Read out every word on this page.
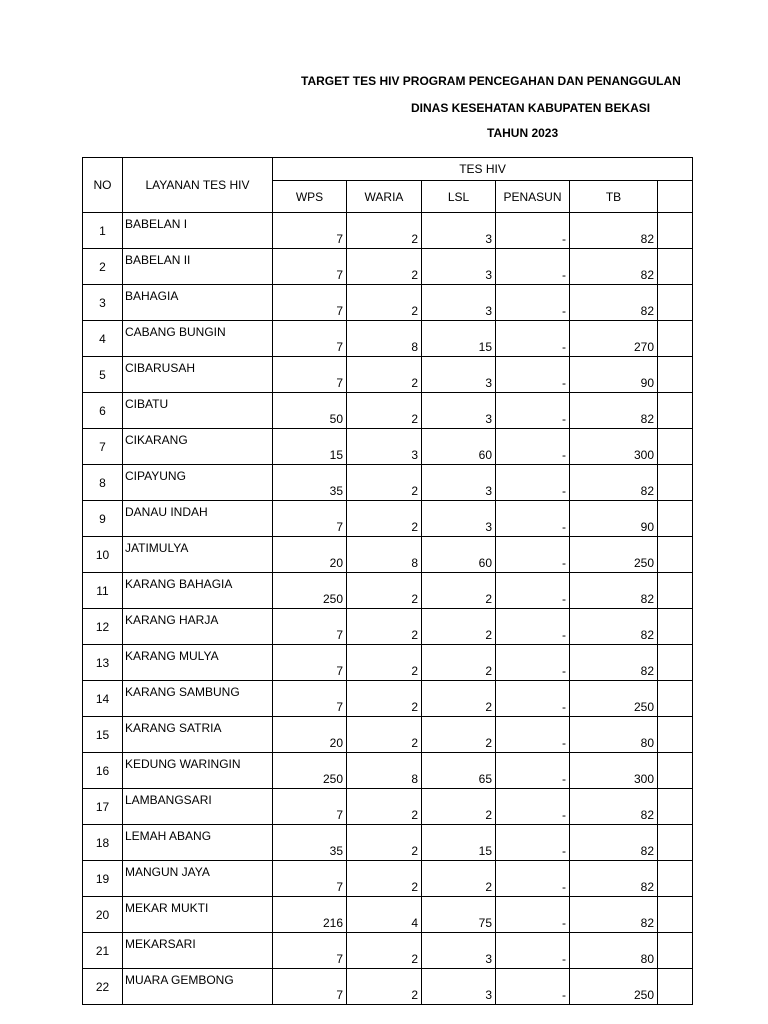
TARGET TES HIV PROGRAM PENCEGAHAN DAN PENANGGULAN
DINAS KESEHATAN KABUPATEN BEKASI
TAHUN 2023
NO	LAYANAN TES HIV	TES HIV					
		WPS	WARIA	LSL	PENASUN	TB	
1	BABELAN I	7	2	3	-	82	
2	BABELAN II	7	2	3	-	82	
3	BAHAGIA	7	2	3	-	82	
4	CABANG BUNGIN	7	8	15	-	270	
5	CIBARUSAH	7	2	3	-	90	
6	CIBATU	50	2	3	-	82	
7	CIKARANG	15	3	60	-	300	
8	CIPAYUNG	35	2	3	-	82	
9	DANAU INDAH	7	2	3	-	90	
10	JATIMULYA	20	8	60	-	250	
11	KARANG BAHAGIA	250	2	2	-	82	
12	KARANG HARJA	7	2	2	-	82	
13	KARANG MULYA	7	2	2	-	82	
14	KARANG SAMBUNG	7	2	2	-	250	
15	KARANG SATRIA	20	2	2	-	80	
16	KEDUNG WARINGIN	250	8	65	-	300	
17	LAMBANGSARI	7	2	2	-	82	
18	LEMAH ABANG	35	2	15	-	82	
19	MANGUN JAYA	7	2	2	-	82	
20	MEKAR MUKTI	216	4	75	-	82	
21	MEKARSARI	7	2	3	-	80	
22	MUARA GEMBONG	7	2	3	-	250	
